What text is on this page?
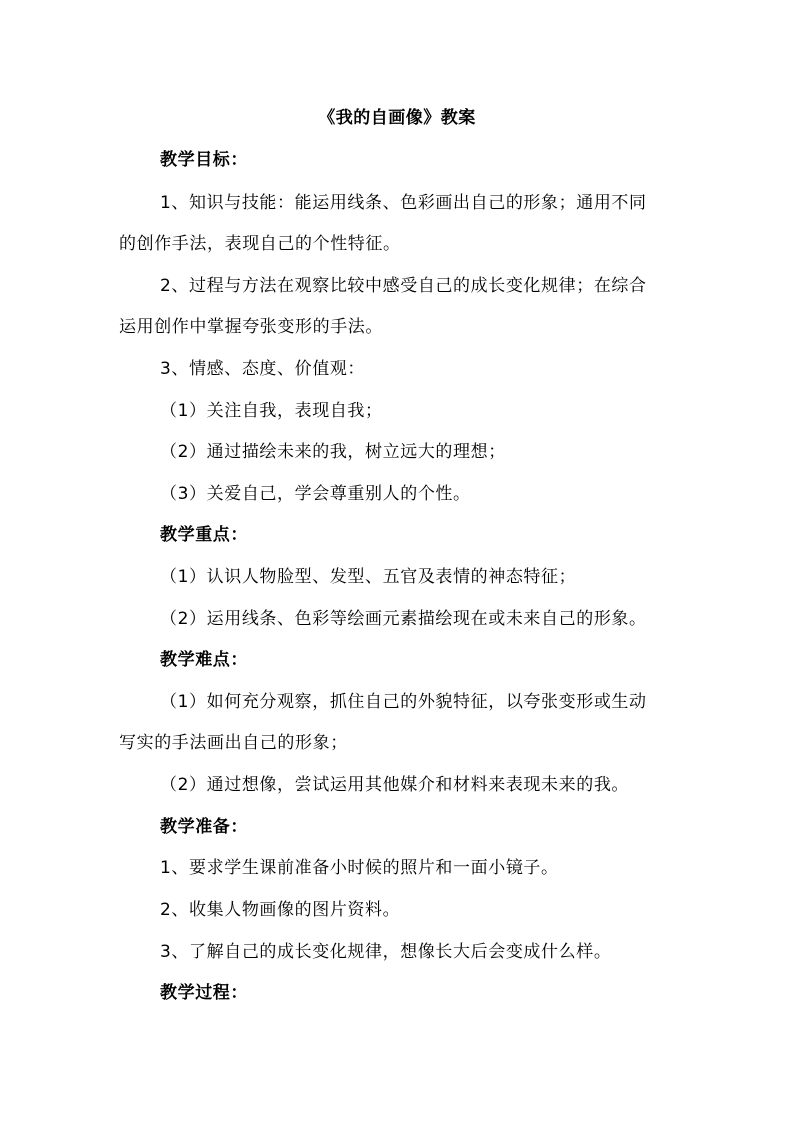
《我的自画像》教案
教学目标：
1、知识与技能：能运用线条、色彩画出自己的形象；通用不同
的创作手法，表现自己的个性特征。
2、过程与方法在观察比较中感受自己的成长变化规律；在综合
运用创作中掌握夸张变形的手法。
3、情感、态度、价值观：
（1）关注自我，表现自我；
（2）通过描绘未来的我，树立远大的理想；
（3）关爱自己，学会尊重别人的个性。
教学重点：
（1）认识人物脸型、发型、五官及表情的神态特征；
（2）运用线条、色彩等绘画元素描绘现在或未来自己的形象。
教学难点：
（1）如何充分观察，抓住自己的外貌特征，以夸张变形或生动
写实的手法画出自己的形象；
（2）通过想像，尝试运用其他媒介和材料来表现未来的我。
教学准备：
1、要求学生课前准备小时候的照片和一面小镜子。
2、收集人物画像的图片资料。
3、了解自己的成长变化规律，想像长大后会变成什么样。
教学过程：
